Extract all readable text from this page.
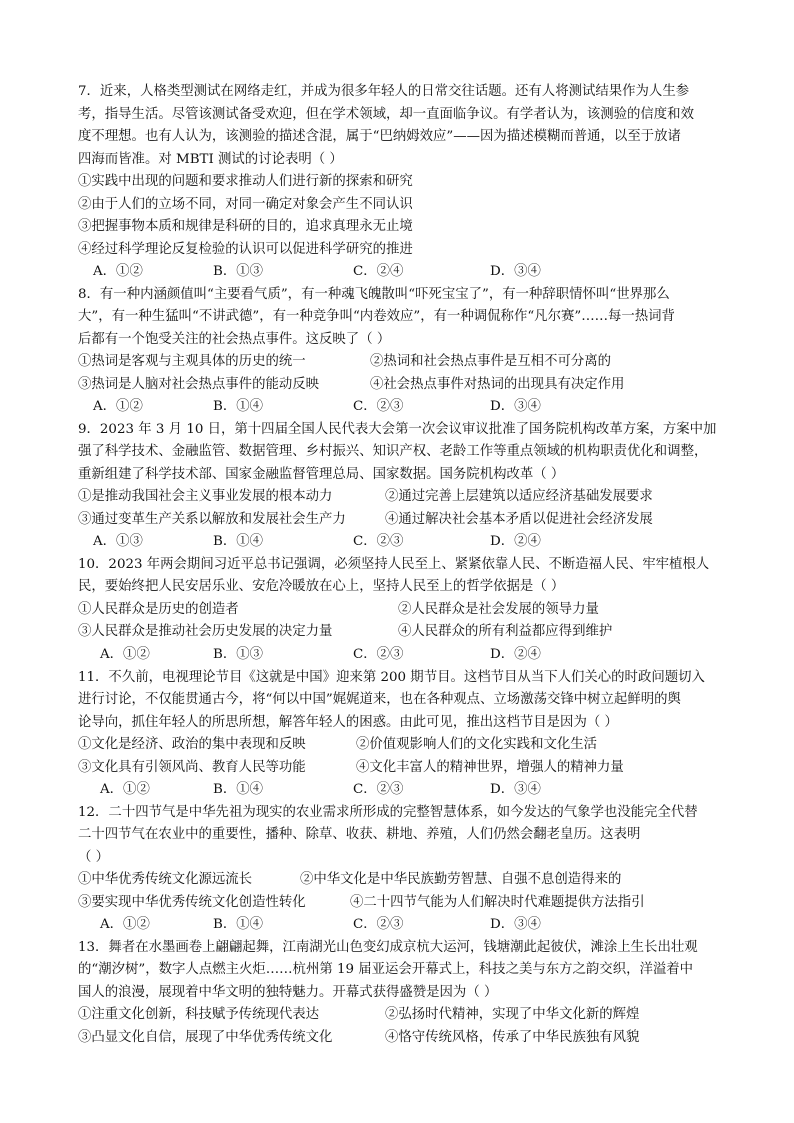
7．近来，人格类型测试在网络走红，并成为很多年轻人的日常交往话题。还有人将测试结果作为人生参
考，指导生活。尽管该测试备受欢迎，但在学术领域，却一直面临争议。有学者认为，该测验的信度和效
度不理想。也有人认为，该测验的描述含混，属于“巴纳姆效应”——因为描述模糊而普通，以至于放诸
四海而皆准。对 MBTI 测试的讨论表明（ ）
①实践中出现的问题和要求推动人们进行新的探索和研究
②由于人们的立场不同，对同一确定对象会产生不同认识
③把握事物本质和规律是科研的目的，追求真理永无止境
④经过科学理论反复检验的认识可以促进科学研究的推进
A．①②	B．①③	C．②④	D．③④
8．有一种内涵颜值叫“主要看气质”，有一种魂飞魄散叫“吓死宝宝了”，有一种辞职情怀叫“世界那么
大”，有一种生猛叫“不讲武德”，有一种竞争叫“内卷效应”，有一种调侃称作“凡尔赛”……每一热词背
后都有一个饱受关注的社会热点事件。这反映了（ ）
①热词是客观与主观具体的历史的统一	②热词和社会热点事件是互相不可分离的
③热词是人脑对社会热点事件的能动反映	④社会热点事件对热词的出现具有决定作用
A．①②	B．①④	C．②③	D．③④
9．2023 年 3 月 10 日，第十四届全国人民代表大会第一次会议审议批准了国务院机构改革方案，方案中加
强了科学技术、金融监管、数据管理、乡村振兴、知识产权、老龄工作等重点领域的机构职责优化和调整，
重新组建了科学技术部、国家金融监督管理总局、国家数据。国务院机构改革（ ）
①是推动我国社会主义事业发展的根本动力	②通过完善上层建筑以适应经济基础发展要求
③通过变革生产关系以解放和发展社会生产力	④通过解决社会基本矛盾以促进社会经济发展
A．①③	B．①④	C．②③	D．②④
10．2023 年两会期间习近平总书记强调，必须坚持人民至上、紧紧依靠人民、不断造福人民、牢牢植根人
民，要始终把人民安居乐业、安危冷暖放在心上，坚持人民至上的哲学依据是（ ）
①人民群众是历史的创造者	②人民群众是社会发展的领导力量
③人民群众是推动社会历史发展的决定力量	④人民群众的所有利益都应得到维护
A．①②	B．①③	C．②③	D．②④
11．不久前，电视理论节目《这就是中国》迎来第 200 期节目。这档节目从当下人们关心的时政问题切入
进行讨论，不仅能贯通古今，将“何以中国”娓娓道来，也在各种观点、立场激荡交锋中树立起鲜明的舆
论导向，抓住年轻人的所思所想，解答年轻人的困惑。由此可见，推出这档节目是因为（ ）
①文化是经济、政治的集中表现和反映	②价值观影响人们的文化实践和文化生活
③文化具有引领风尚、教育人民等功能	④文化丰富人的精神世界，增强人的精神力量
A．①②	B．①④	C．②③	D．③④
12．二十四节气是中华先祖为现实的农业需求所形成的完整智慧体系，如今发达的气象学也没能完全代替
二十四节气在农业中的重要性，播种、除草、收获、耕地、养殖，人们仍然会翻老皇历。这表明
（ ）
①中华优秀传统文化源远流长	②中华文化是中华民族勤劳智慧、自强不息创造得来的
③要实现中华优秀传统文化创造性转化	④二十四节气能为人们解决时代难题提供方法指引
A．①②	B．①④	C．②③	D．③④
13．舞者在水墨画卷上翩翩起舞，江南湖光山色变幻成京杭大运河，钱塘潮此起彼伏，滩涂上生长出壮观
的“潮汐树”，数字人点燃主火炬……杭州第 19 届亚运会开幕式上，科技之美与东方之韵交织，洋溢着中
国人的浪漫，展现着中华文明的独特魅力。开幕式获得盛赞是因为（ ）
①注重文化创新，科技赋予传统现代表达	②弘扬时代精神，实现了中华文化新的辉煌
③凸显文化自信，展现了中华优秀传统文化	④恪守传统风格，传承了中华民族独有风貌
